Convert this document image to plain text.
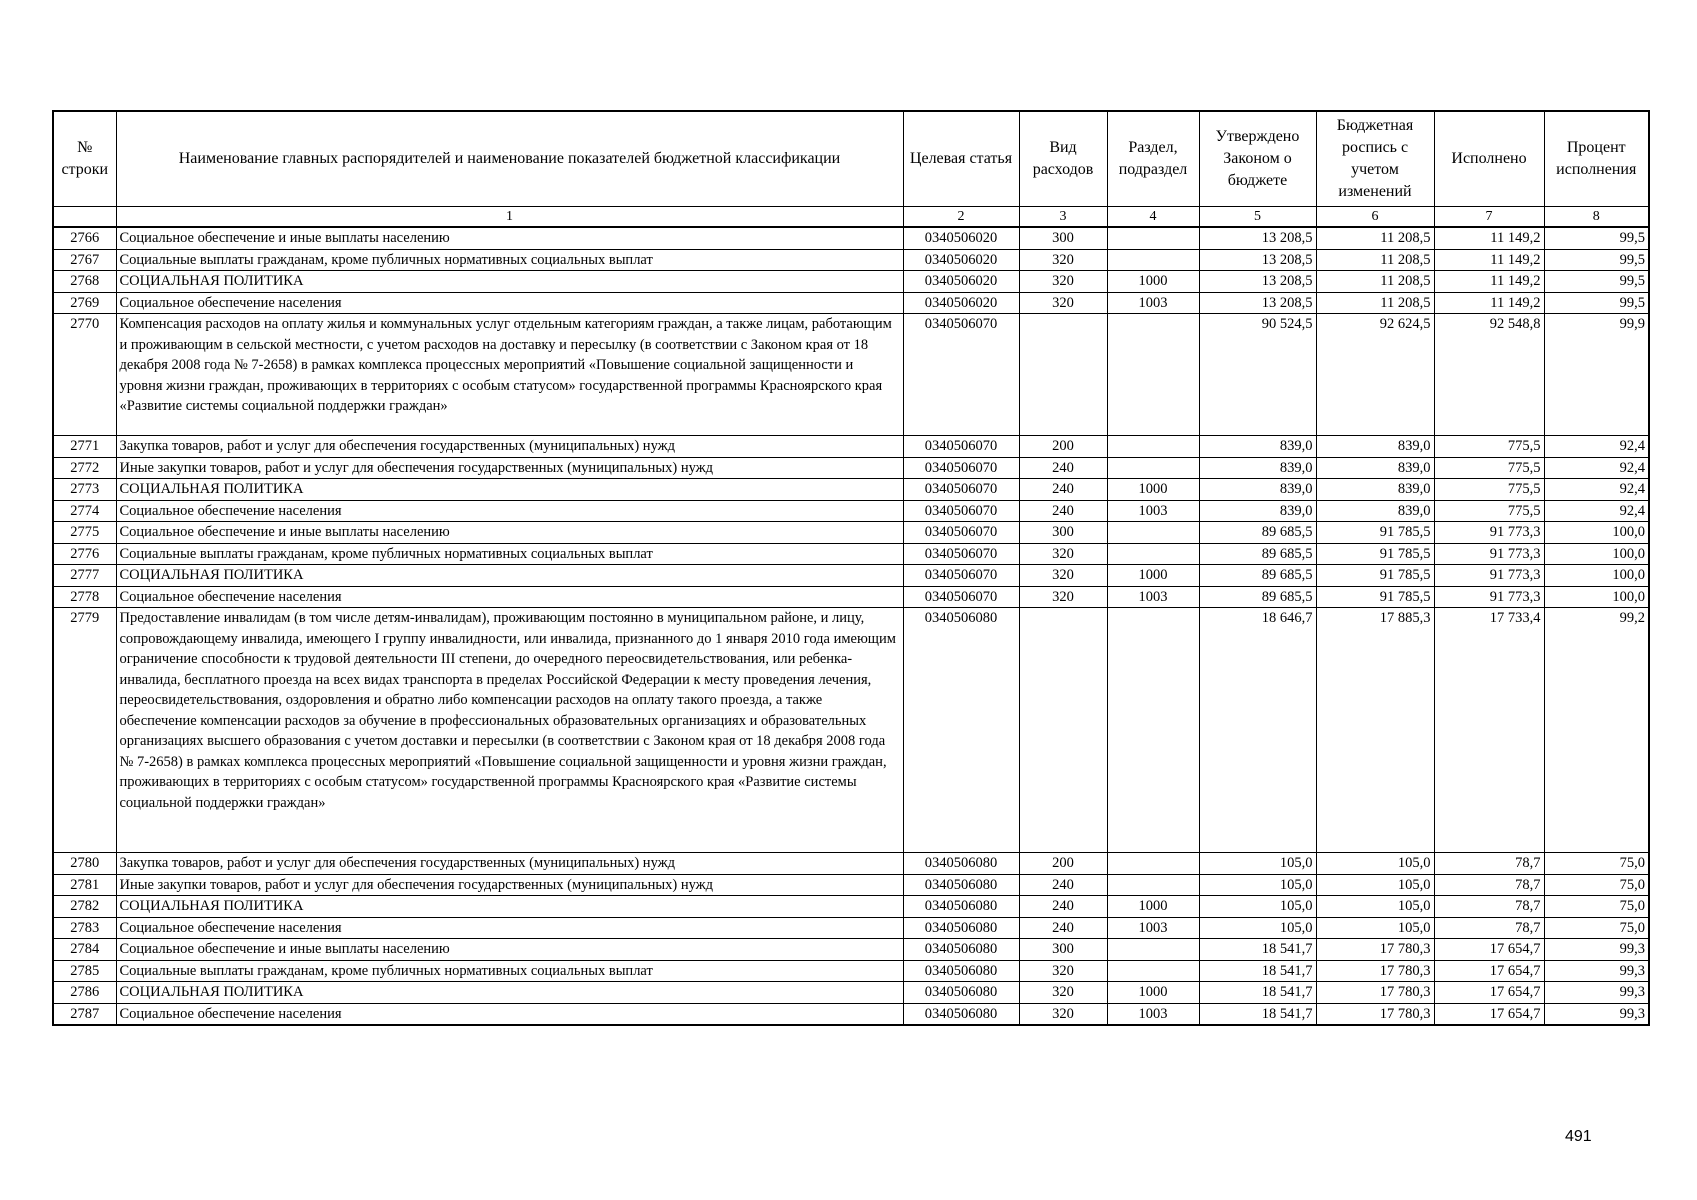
№ строки	Наименование главных распорядителей и наименование показателей бюджетной классификации	Целевая статья	Вид расходов	Раздел, подраздел	Утверждено Законом о бюджете	Бюджетная роспись с учетом изменений	Исполнено	Процент исполнения
	1	2	3	4	5	6	7	8
2766	Социальное обеспечение и иные выплаты населению	0340506020	300		13 208,5	11 208,5	11 149,2	99,5
2767	Социальные выплаты гражданам, кроме публичных нормативных социальных выплат	0340506020	320		13 208,5	11 208,5	11 149,2	99,5
2768	СОЦИАЛЬНАЯ ПОЛИТИКА	0340506020	320	1000	13 208,5	11 208,5	11 149,2	99,5
2769	Социальное обеспечение населения	0340506020	320	1003	13 208,5	11 208,5	11 149,2	99,5
2770	Компенсация расходов на оплату жилья и коммунальных услуг отдельным категориям граждан, а также лицам, работающим и проживающим в сельской местности, с учетом расходов на доставку и пересылку (в соответствии с Законом края от 18 декабря 2008 года № 7-2658) в рамках комплекса процессных мероприятий «Повышение социальной защищенности и уровня жизни граждан, проживающих в территориях с особым статусом» государственной программы Красноярского края «Развитие системы социальной поддержки граждан»	0340506070			90 524,5	92 624,5	92 548,8	99,9
2771	Закупка товаров, работ и услуг для обеспечения государственных (муниципальных) нужд	0340506070	200		839,0	839,0	775,5	92,4
2772	Иные закупки товаров, работ и услуг для обеспечения государственных (муниципальных) нужд	0340506070	240		839,0	839,0	775,5	92,4
2773	СОЦИАЛЬНАЯ ПОЛИТИКА	0340506070	240	1000	839,0	839,0	775,5	92,4
2774	Социальное обеспечение населения	0340506070	240	1003	839,0	839,0	775,5	92,4
2775	Социальное обеспечение и иные выплаты населению	0340506070	300		89 685,5	91 785,5	91 773,3	100,0
2776	Социальные выплаты гражданам, кроме публичных нормативных социальных выплат	0340506070	320		89 685,5	91 785,5	91 773,3	100,0
2777	СОЦИАЛЬНАЯ ПОЛИТИКА	0340506070	320	1000	89 685,5	91 785,5	91 773,3	100,0
2778	Социальное обеспечение населения	0340506070	320	1003	89 685,5	91 785,5	91 773,3	100,0
2779	Предоставление инвалидам (в том числе детям-инвалидам), проживающим постоянно в муниципальном районе, и лицу, сопровождающему инвалида, имеющего I группу инвалидности, или инвалида, признанного до 1 января 2010 года имеющим ограничение способности к трудовой деятельности III степени, до очередного переосвидетельствования, или ребенка-инвалида, бесплатного проезда на всех видах транспорта в пределах Российской Федерации к месту проведения лечения, переосвидетельствования, оздоровления и обратно либо компенсации расходов на оплату такого проезда, а также обеспечение компенсации расходов за обучение в профессиональных образовательных организациях и образовательных организациях высшего образования с учетом доставки и пересылки (в соответствии с Законом края от 18 декабря 2008 года № 7-2658) в рамках комплекса процессных мероприятий «Повышение социальной защищенности и уровня жизни граждан, проживающих в территориях с особым статусом» государственной программы Красноярского края «Развитие системы социальной поддержки граждан»	0340506080			18 646,7	17 885,3	17 733,4	99,2
2780	Закупка товаров, работ и услуг для обеспечения государственных (муниципальных) нужд	0340506080	200		105,0	105,0	78,7	75,0
2781	Иные закупки товаров, работ и услуг для обеспечения государственных (муниципальных) нужд	0340506080	240		105,0	105,0	78,7	75,0
2782	СОЦИАЛЬНАЯ ПОЛИТИКА	0340506080	240	1000	105,0	105,0	78,7	75,0
2783	Социальное обеспечение населения	0340506080	240	1003	105,0	105,0	78,7	75,0
2784	Социальное обеспечение и иные выплаты населению	0340506080	300		18 541,7	17 780,3	17 654,7	99,3
2785	Социальные выплаты гражданам, кроме публичных нормативных социальных выплат	0340506080	320		18 541,7	17 780,3	17 654,7	99,3
2786	СОЦИАЛЬНАЯ ПОЛИТИКА	0340506080	320	1000	18 541,7	17 780,3	17 654,7	99,3
2787	Социальное обеспечение населения	0340506080	320	1003	18 541,7	17 780,3	17 654,7	99,3
491
